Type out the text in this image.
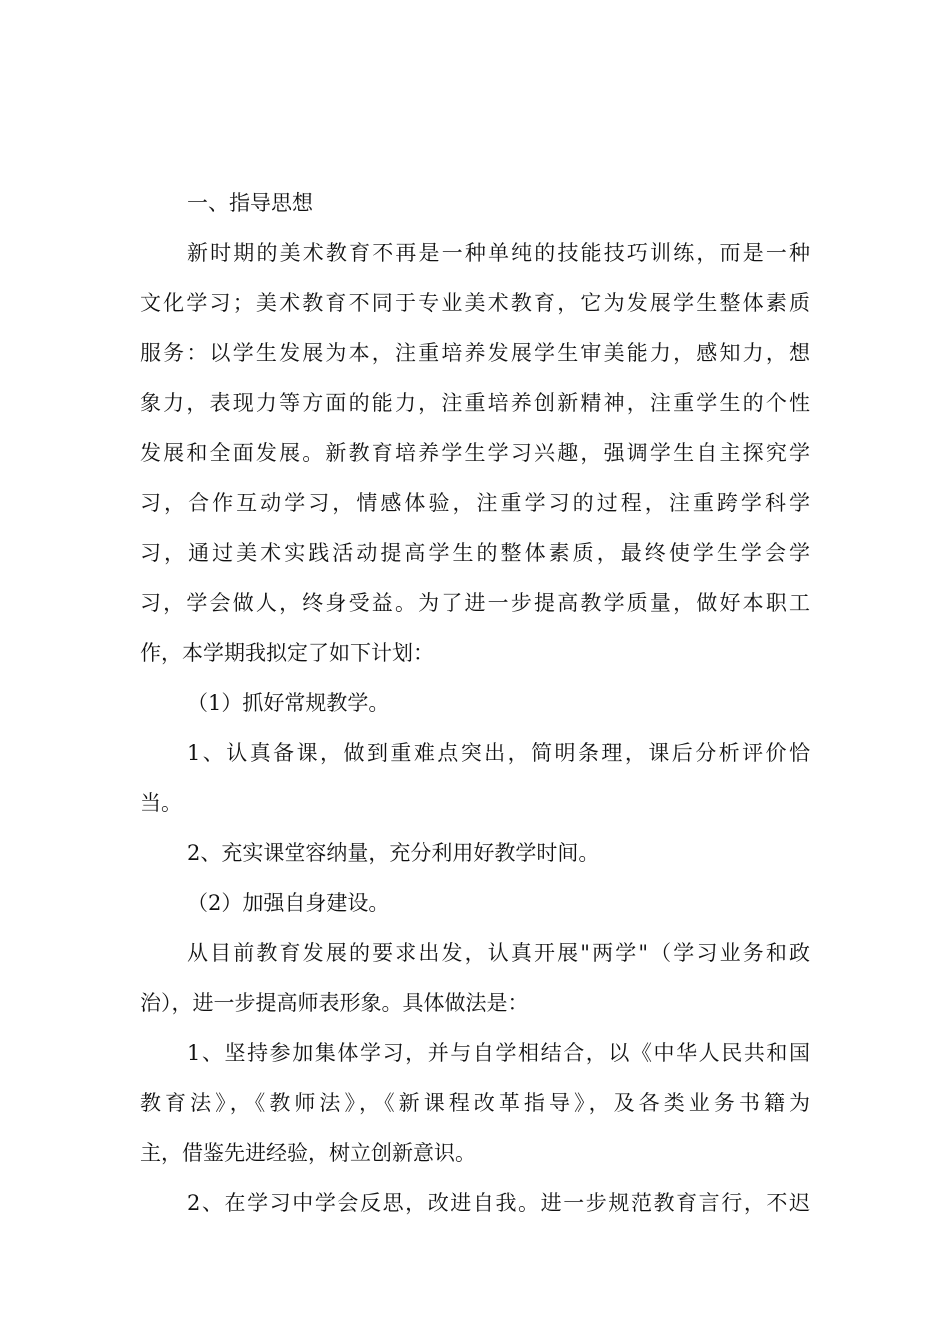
一、指导思想
新时期的美术教育不再是一种单纯的技能技巧训练，而是一种
文化学习；美术教育不同于专业美术教育，它为发展学生整体素质
服务：以学生发展为本，注重培养发展学生审美能力，感知力，想
象力，表现力等方面的能力，注重培养创新精神，注重学生的个性
发展和全面发展。新教育培养学生学习兴趣，强调学生自主探究学
习，合作互动学习，情感体验，注重学习的过程，注重跨学科学
习，通过美术实践活动提高学生的整体素质，最终使学生学会学
习，学会做人，终身受益。为了进一步提高教学质量，做好本职工
作，本学期我拟定了如下计划：
（1）抓好常规教学。
1、认真备课，做到重难点突出，简明条理，课后分析评价恰
当。
2、充实课堂容纳量，充分利用好教学时间。
（2）加强自身建设。
从目前教育发展的要求出发，认真开展"两学"（学习业务和政
治），进一步提高师表形象。具体做法是：
1、坚持参加集体学习，并与自学相结合，以《中华人民共和国
教育法》，《教师法》，《新课程改革指导》，及各类业务书籍为
主，借鉴先进经验，树立创新意识。
2、在学习中学会反思，改进自我。进一步规范教育言行，不迟
